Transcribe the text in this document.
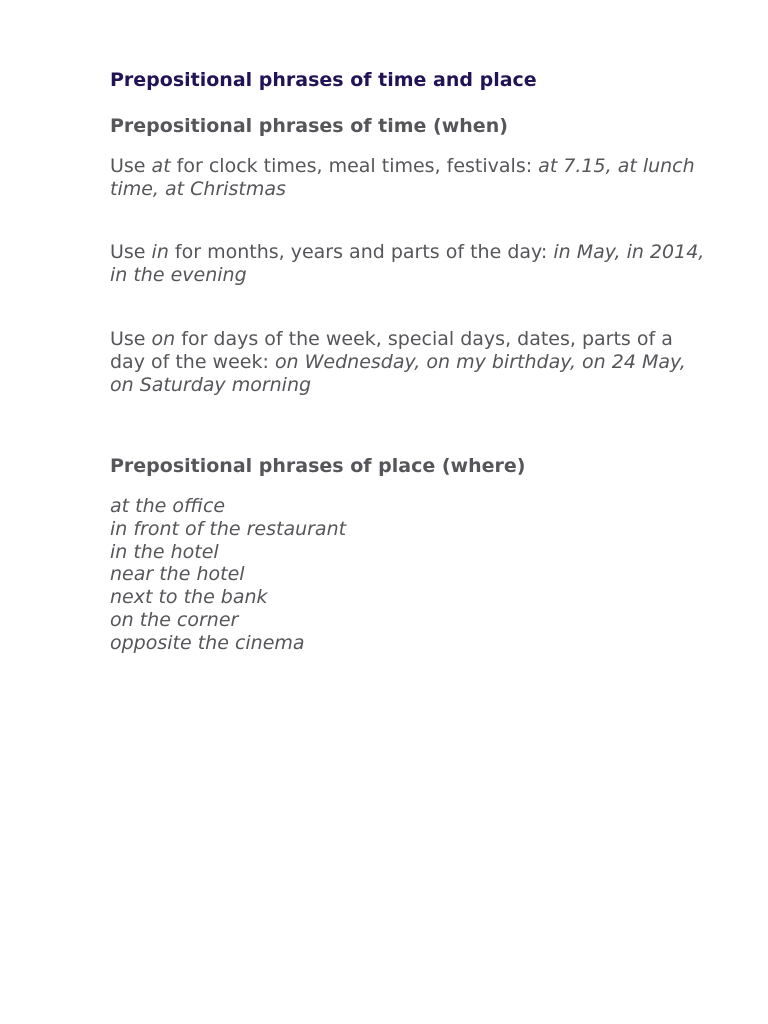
Prepositional phrases of time and place
Prepositional phrases of time (when)

Use at for clock times, meal times, festivals: at 7.15, at lunch time, at Christmas

Use in for months, years and parts of the day: in May, in 2014, in the evening

Use on for days of the week, special days, dates, parts of a day of the week: on Wednesday, on my birthday, on 24 May, on Saturday morning

Prepositional phrases of place (where)
at the office
in front of the restaurant
in the hotel
near the hotel
next to the bank
on the corner
opposite the cinema
